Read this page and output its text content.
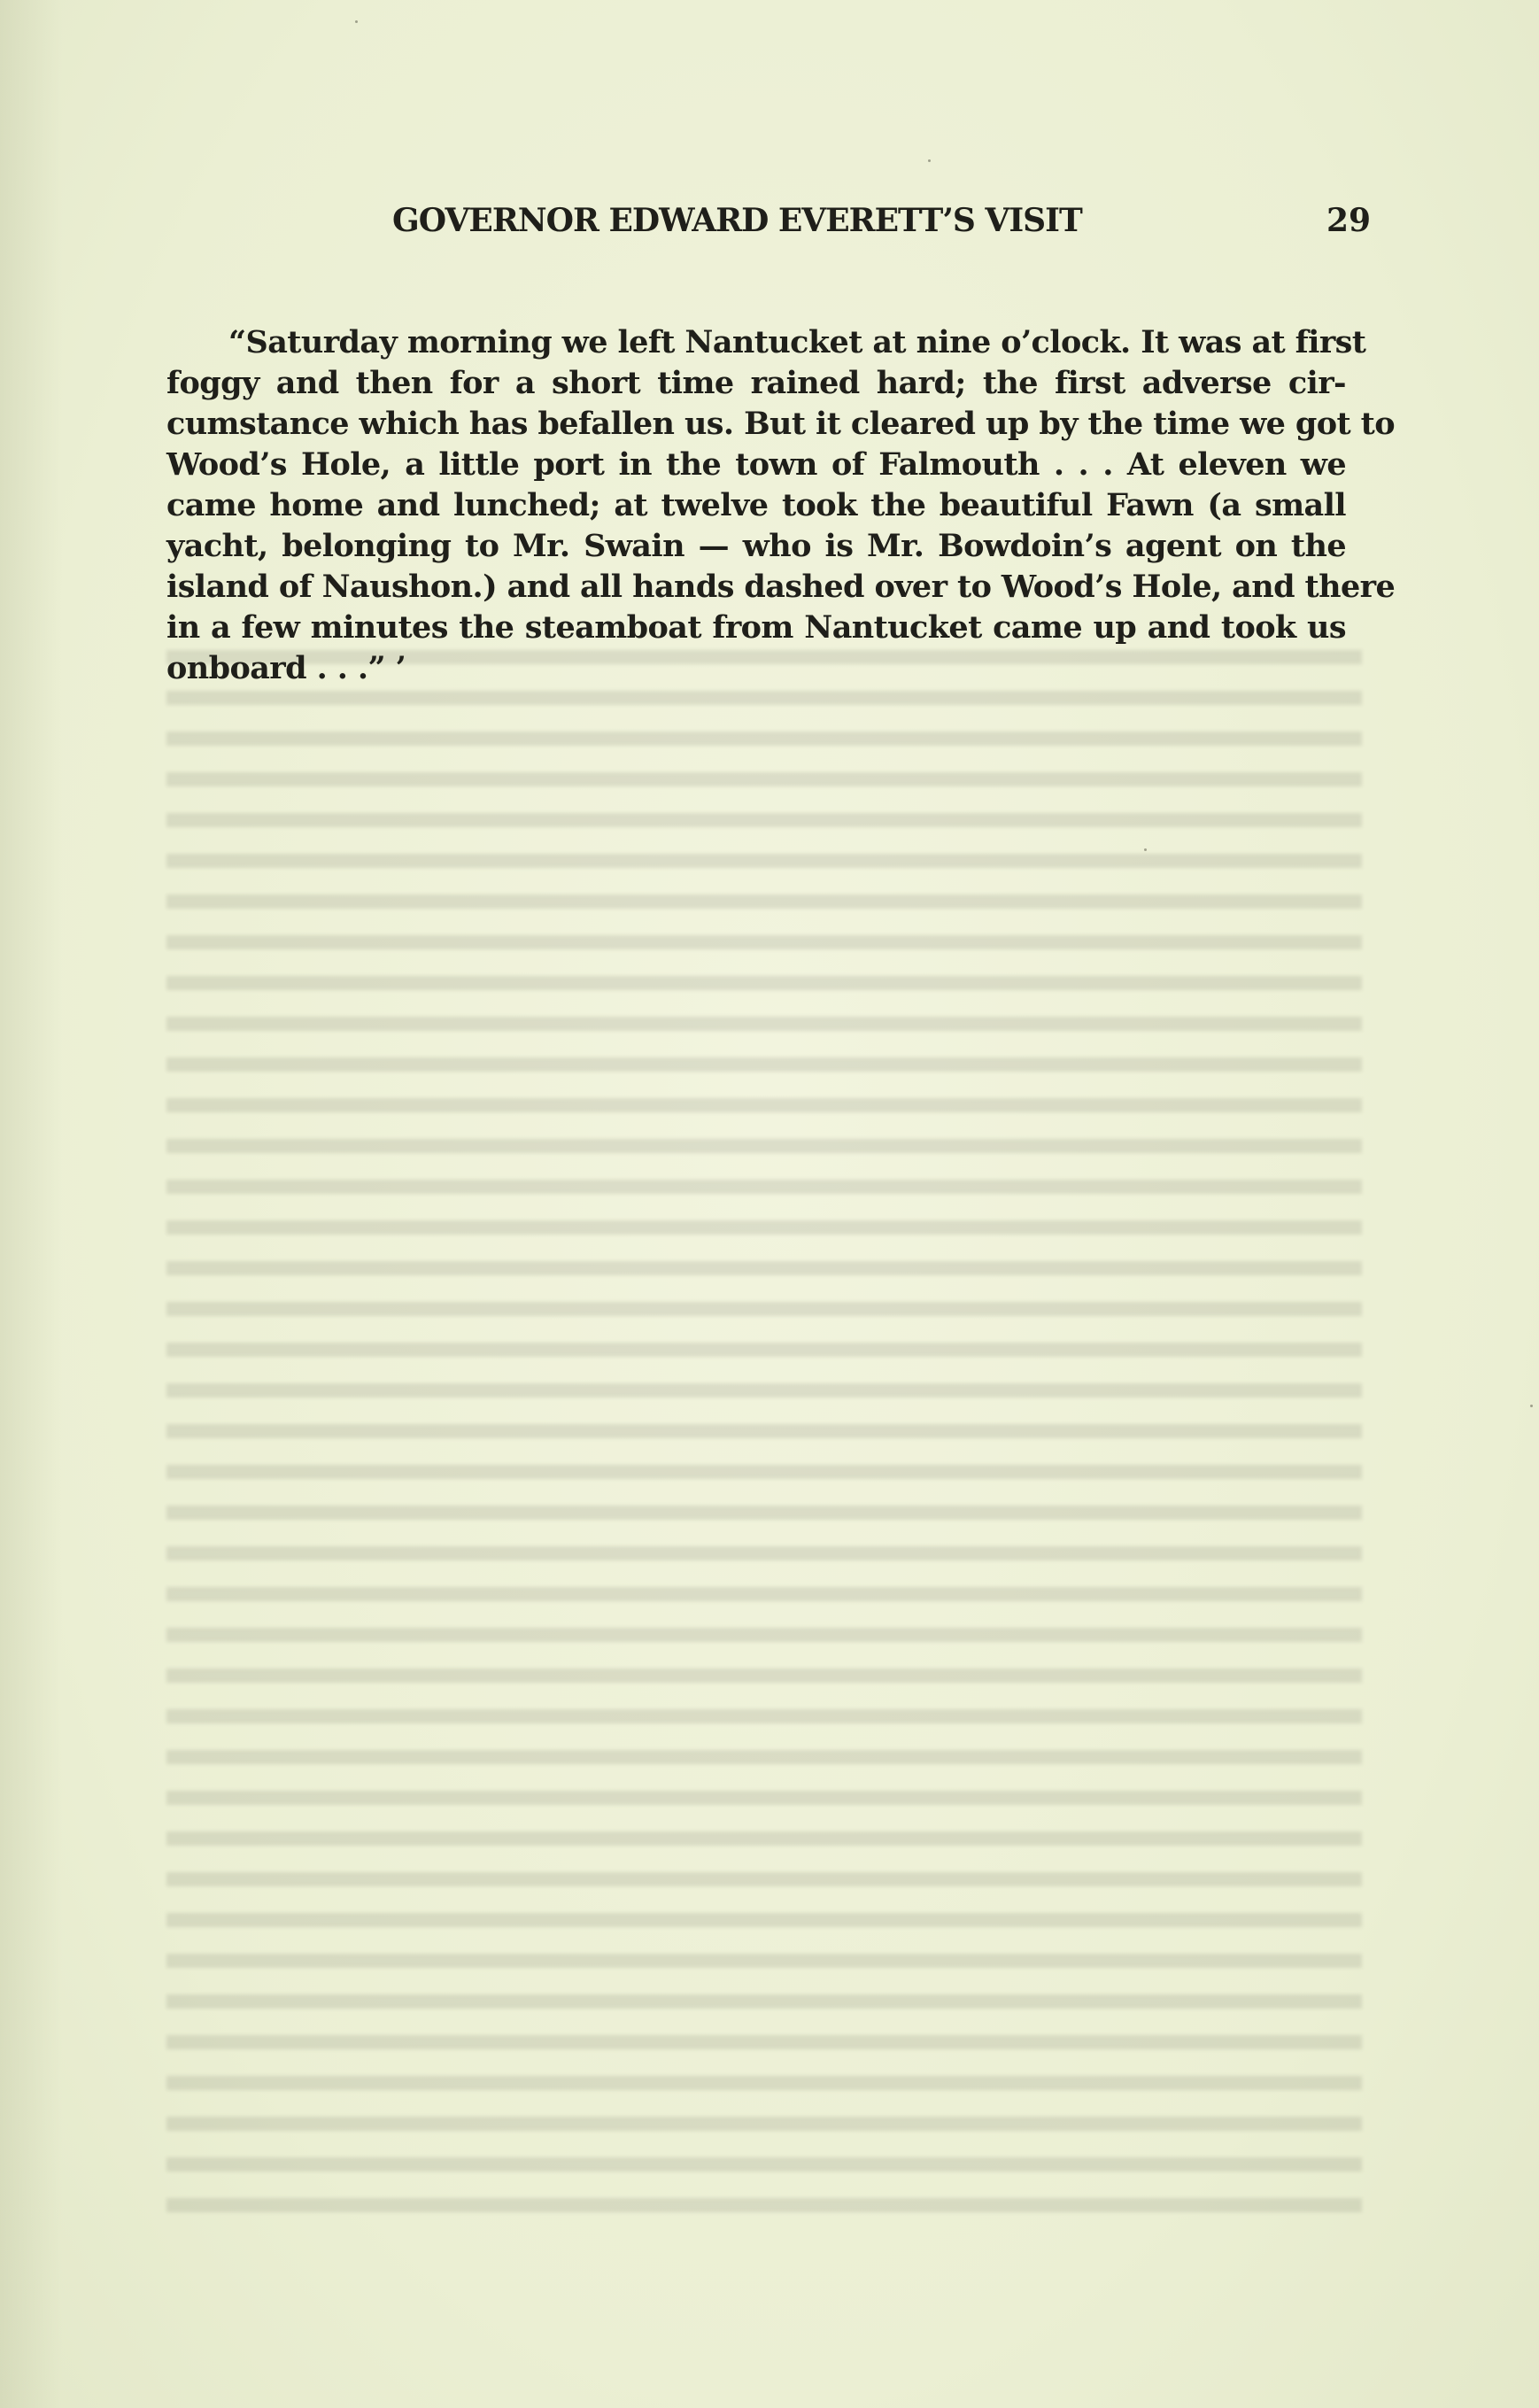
GOVERNOR EDWARD EVERETT’S VISIT	29
“Saturday morning we left Nantucket at nine o’clock. It was at first
foggy and then for a short time rained hard; the first adverse cir-
cumstance which has befallen us. But it cleared up by the time we got to
Wood’s Hole, a little port in the town of Falmouth . . . At eleven we
came home and lunched; at twelve took the beautiful Fawn (a small
yacht, belonging to Mr. Swain — who is Mr. Bowdoin’s agent on the
island of Naushon.) and all hands dashed over to Wood’s Hole, and there
in a few minutes the steamboat from Nantucket came up and took us
onboard . . .” ’
